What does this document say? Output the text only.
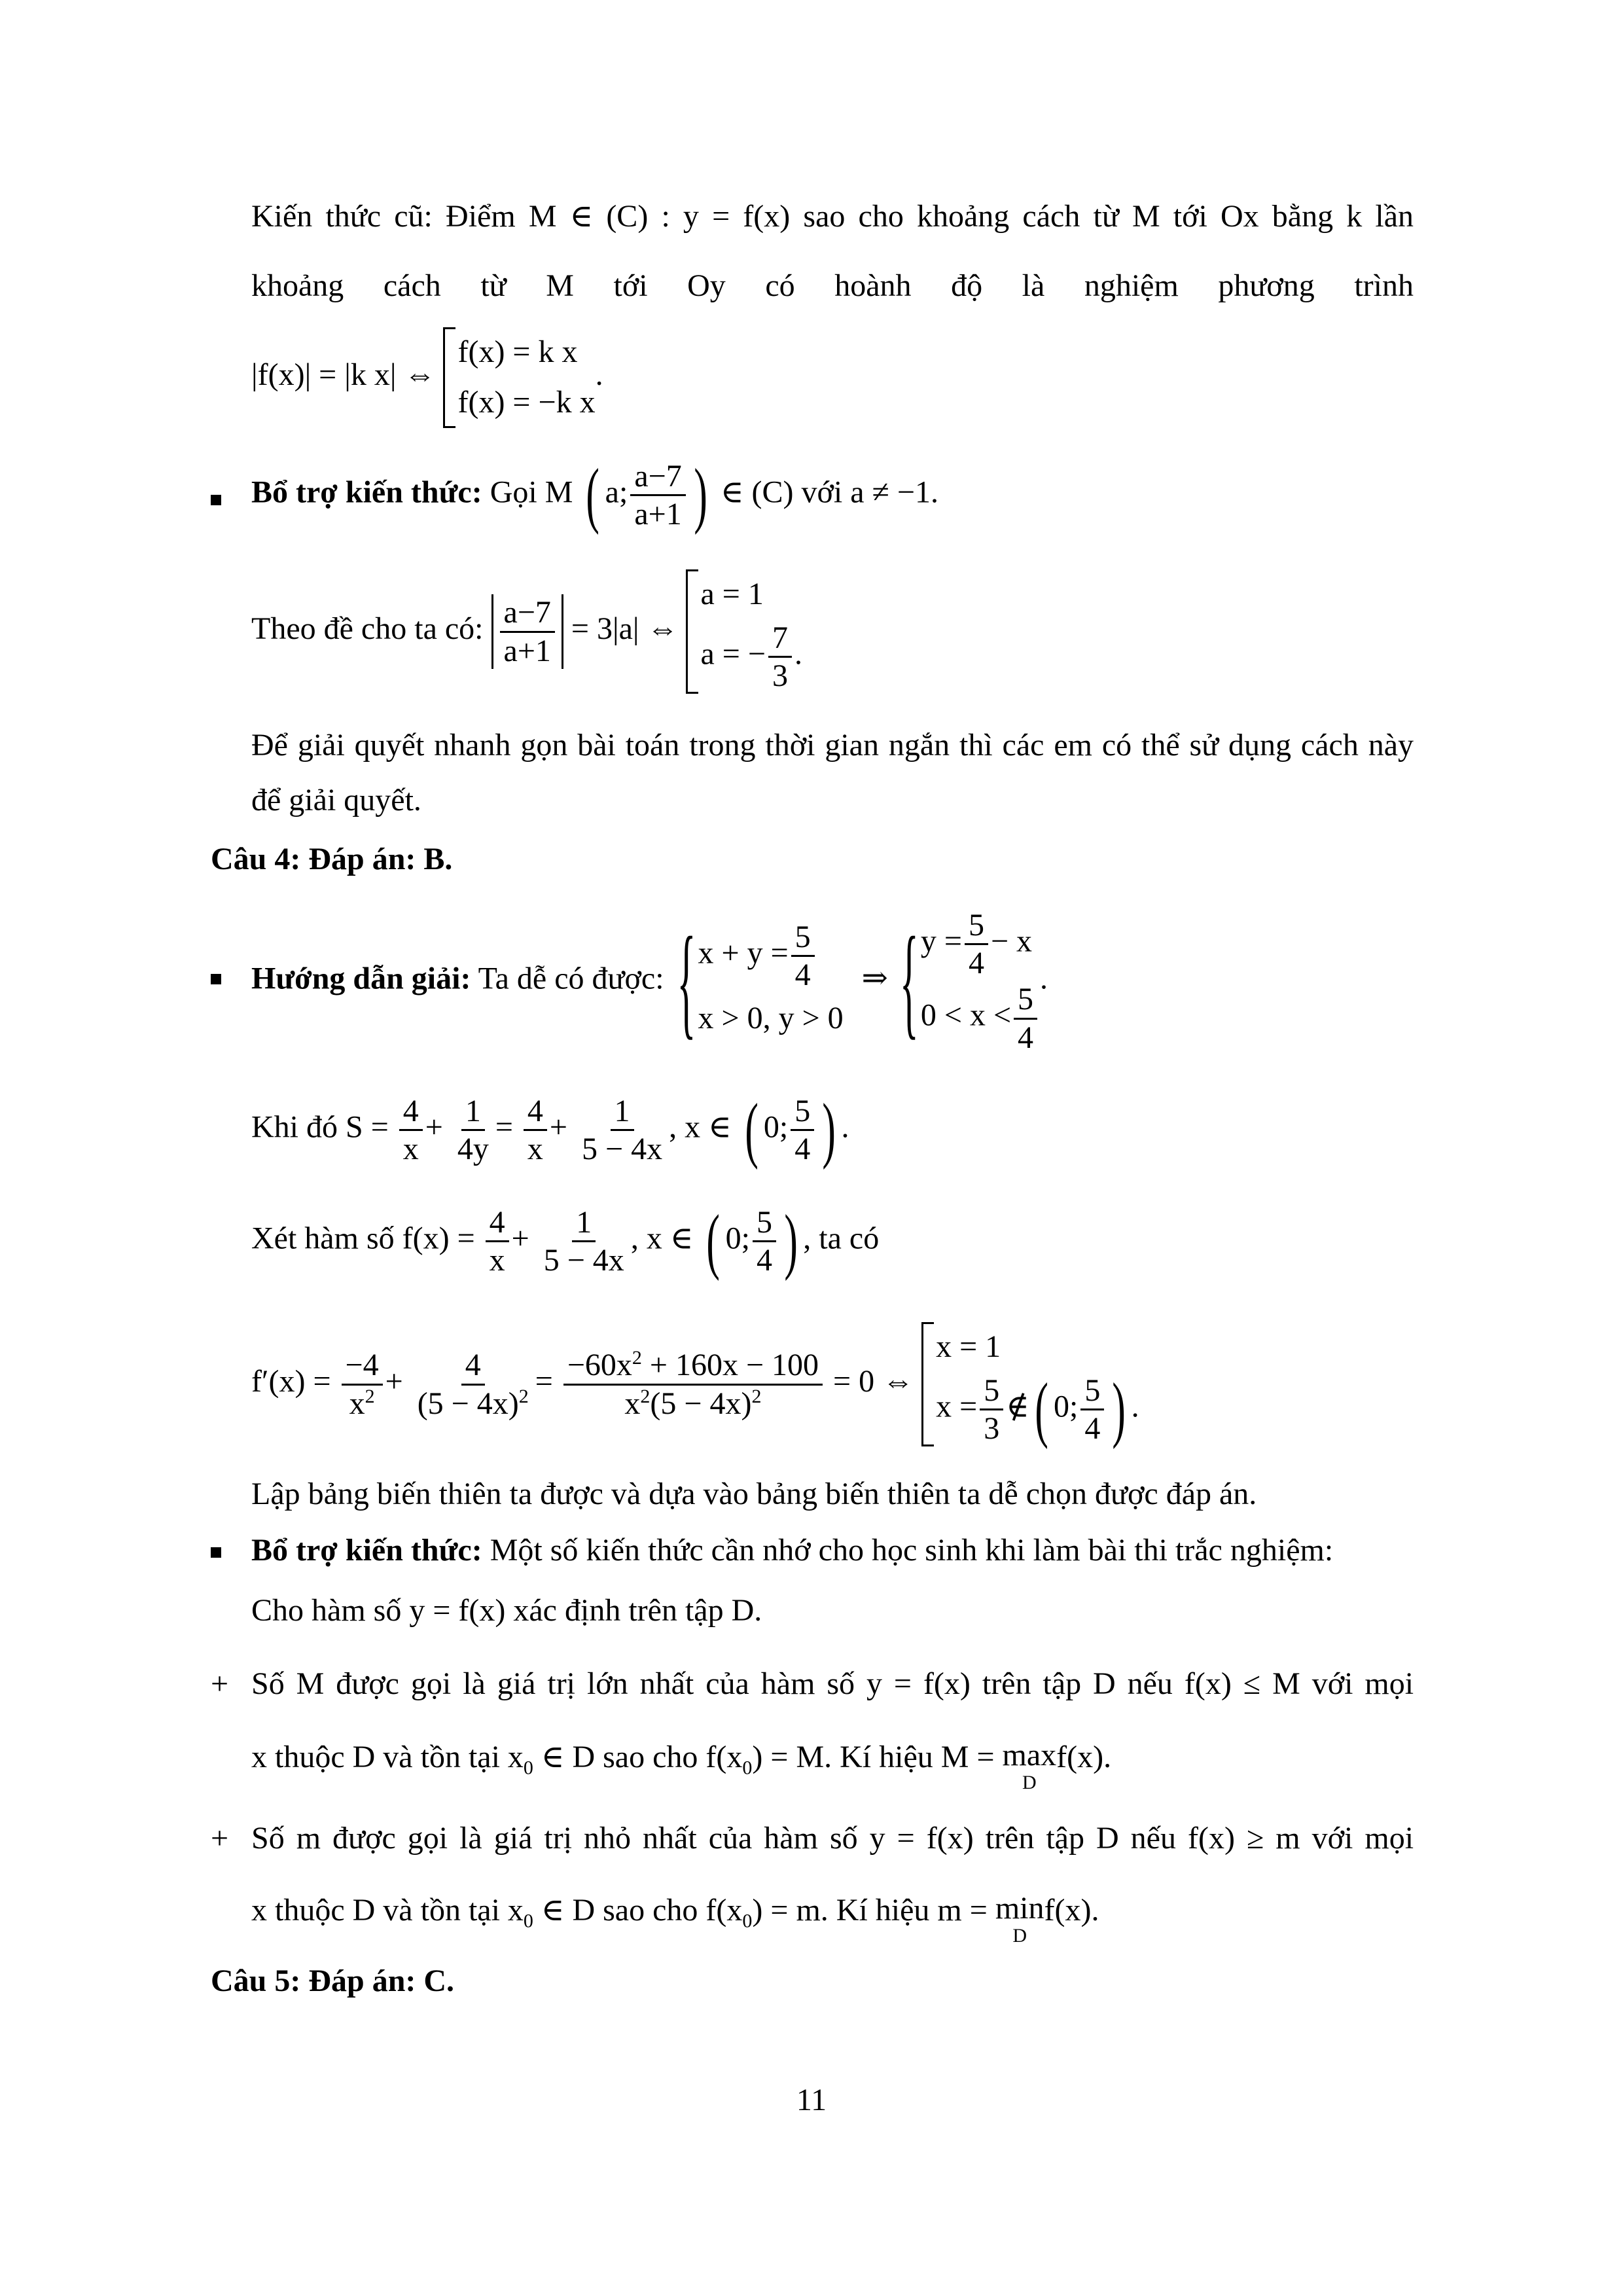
Kiến thức cũ: Điểm M ∈ (C) : y = f(x) sao cho khoảng cách từ M tới Ox bằng k lần
khoảng cách từ M tới Oy có hoành độ là nghiệm phương trình
|f(x)| = |k x| ⇔
f(x) = k x
f(x) = −k x
.
Bổ trợ kiến thức: Gọi M ( a; $\frac{a-7}{a+1}$ ) ∈ (C) với a ≠ −1.
Theo đề cho ta có: $\frac{a-7}{a+1} = 3|a|$ ⇔
a = 1
a = − $\frac{7}{3}$ .
Để giải quyết nhanh gọn bài toán trong thời gian ngắn thì các em có thể sử dụng cách này
để giải quyết.
Câu 4: Đáp án: B.
Hướng dẫn giải: Ta dễ có được:
{ $x + y = \frac{5}{4}$
x > 0, y > 0
⇒
{ $y = \frac{5}{4} - x$
$0 < x < \frac{5}{4}$
.
Khi đó $S = \frac{4}{x} + \frac{1}{4y} = \frac{4}{x} + \frac{1}{5 - 4x}$ , x ∈ ( 0; $\frac{5}{4}$ ) .
Xét hàm số $f(x) = \frac{4}{x} + \frac{1}{5 - 4x}$ , x ∈ ( 0; $\frac{5}{4}$ ) , ta có
$f'(x) = \frac{-4}{x^2} + \frac{4}{(5 - 4x)^2} = \frac{-60x^2 + 160x - 100}{x^2(5 - 4x)^2} = 0$ ⇔
x = 1
$x = \frac{5}{3}$ ∉( 0; $\frac{5}{4}$ ) .
Lập bảng biến thiên ta được và dựa vào bảng biến thiên ta dễ chọn được đáp án.
Bổ trợ kiến thức: Một số kiến thức cần nhớ cho học sinh khi làm bài thi trắc nghiệm:
Cho hàm số y = f(x) xác định trên tập D.
+ Số M được gọi là giá trị lớn nhất của hàm số y = f(x) trên tập D nếu f(x) ≤ M với mọi
x thuộc D và tồn tại $x_0$ ∈ D sao cho $f(x_0) = M$. Kí hiệu M = max
D
f(x).
+ Số m được gọi là giá trị nhỏ nhất của hàm số y = f(x) trên tập D nếu f(x) ≥ m với mọi
x thuộc D và tồn tại $x_0$ ∈ D sao cho $f(x_0) = m$. Kí hiệu m = min
D
f(x).
Câu 5: Đáp án: C.
11
